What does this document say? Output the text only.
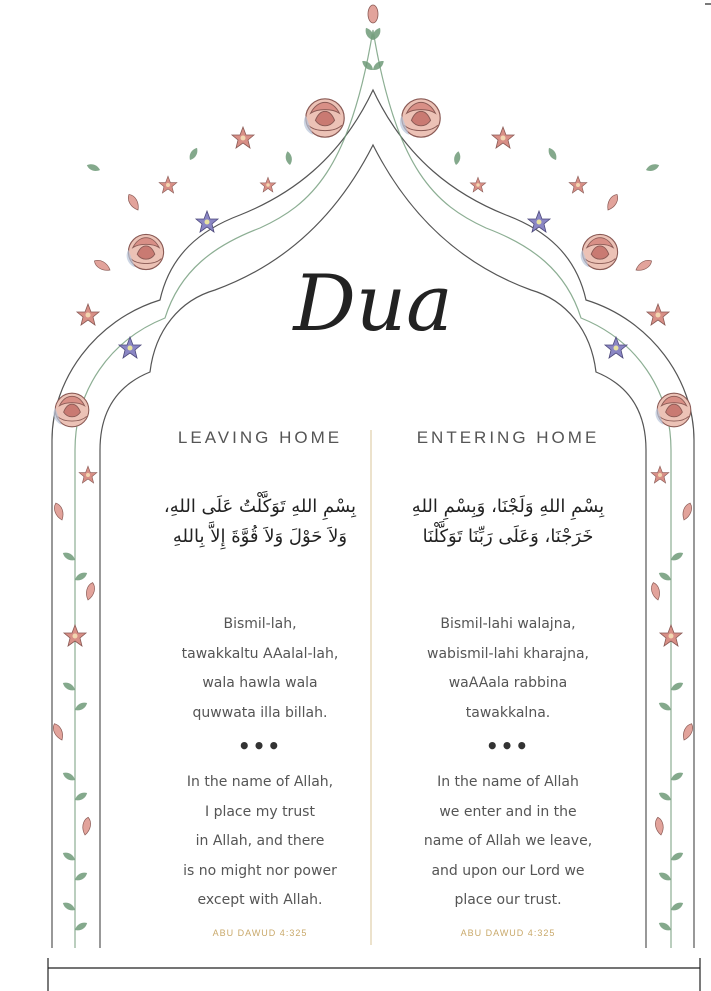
Dua
LEAVING HOME
بِسْمِ اللهِ تَوَكَّلْتُ عَلَى اللهِ،
وَلاَ حَوْلَ وَلاَ قُوَّةَ إِلاَّ بِاللهِ
Bismil-lah,
tawakkaltu AAalal-lah,
wala hawla wala
quwwata illa billah.
•••
In the name of Allah,
I place my trust
in Allah, and there
is no might nor power
except with Allah.
ABU DAWUD 4:325
ENTERING HOME
بِسْمِ اللهِ وَلَجْنَا، وَبِسْمِ اللهِ
خَرَجْنَا، وَعَلَى رَبِّنَا تَوَكَّلْنَا
Bismil-lahi walajna,
wabismil-lahi kharajna,
waAAala rabbina
tawakkalna.
•••
In the name of Allah
we enter and in the
name of Allah we leave,
and upon our Lord we
place our trust.
ABU DAWUD 4:325
